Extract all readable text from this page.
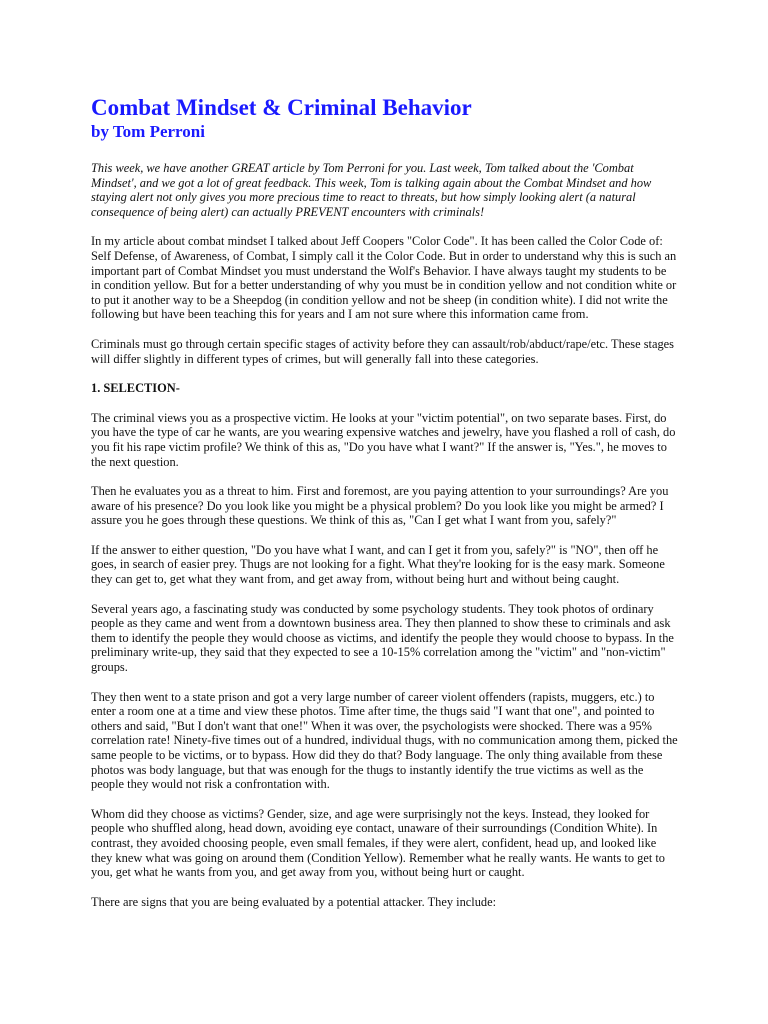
Combat Mindset & Criminal Behavior
by Tom Perroni

This week, we have another GREAT article by Tom Perroni for you. Last week, Tom talked about the 'Combat Mindset', and we got a lot of great feedback. This week, Tom is talking again about the Combat Mindset and how staying alert not only gives you more precious time to react to threats, but how simply looking alert (a natural consequence of being alert) can actually PREVENT encounters with criminals!

In my article about combat mindset I talked about Jeff Coopers "Color Code". It has been called the Color Code of: Self Defense, of Awareness, of Combat, I simply call it the Color Code. But in order to understand why this is such an important part of Combat Mindset you must understand the Wolf's Behavior. I have always taught my students to be in condition yellow. But for a better understanding of why you must be in condition yellow and not condition white or to put it another way to be a Sheepdog (in condition yellow and not be sheep (in condition white). I did not write the following but have been teaching this for years and I am not sure where this information came from.

Criminals must go through certain specific stages of activity before they can assault/rob/abduct/rape/etc. These stages will differ slightly in different types of crimes, but will generally fall into these categories.

1. SELECTION-

The criminal views you as a prospective victim. He looks at your "victim potential", on two separate bases. First, do you have the type of car he wants, are you wearing expensive watches and jewelry, have you flashed a roll of cash, do you fit his rape victim profile? We think of this as, "Do you have what I want?" If the answer is, "Yes.", he moves to the next question.

Then he evaluates you as a threat to him. First and foremost, are you paying attention to your surroundings? Are you aware of his presence? Do you look like you might be a physical problem? Do you look like you might be armed? I assure you he goes through these questions. We think of this as, "Can I get what I want from you, safely?"

If the answer to either question, "Do you have what I want, and can I get it from you, safely?" is "NO", then off he goes, in search of easier prey. Thugs are not looking for a fight. What they're looking for is the easy mark. Someone they can get to, get what they want from, and get away from, without being hurt and without being caught.

Several years ago, a fascinating study was conducted by some psychology students. They took photos of ordinary people as they came and went from a downtown business area. They then planned to show these to criminals and ask them to identify the people they would choose as victims, and identify the people they would choose to bypass. In the preliminary write-up, they said that they expected to see a 10-15% correlation among the "victim" and "non-victim" groups.

They then went to a state prison and got a very large number of career violent offenders (rapists, muggers, etc.) to enter a room one at a time and view these photos. Time after time, the thugs said "I want that one", and pointed to others and said, "But I don't want that one!" When it was over, the psychologists were shocked. There was a 95% correlation rate! Ninety-five times out of a hundred, individual thugs, with no communication among them, picked the same people to be victims, or to bypass. How did they do that? Body language. The only thing available from these photos was body language, but that was enough for the thugs to instantly identify the true victims as well as the people they would not risk a confrontation with.

Whom did they choose as victims? Gender, size, and age were surprisingly not the keys. Instead, they looked for people who shuffled along, head down, avoiding eye contact, unaware of their surroundings (Condition White). In contrast, they avoided choosing people, even small females, if they were alert, confident, head up, and looked like they knew what was going on around them (Condition Yellow). Remember what he really wants. He wants to get to you, get what he wants from you, and get away from you, without being hurt or caught.

There are signs that you are being evaluated by a potential attacker. They include:
